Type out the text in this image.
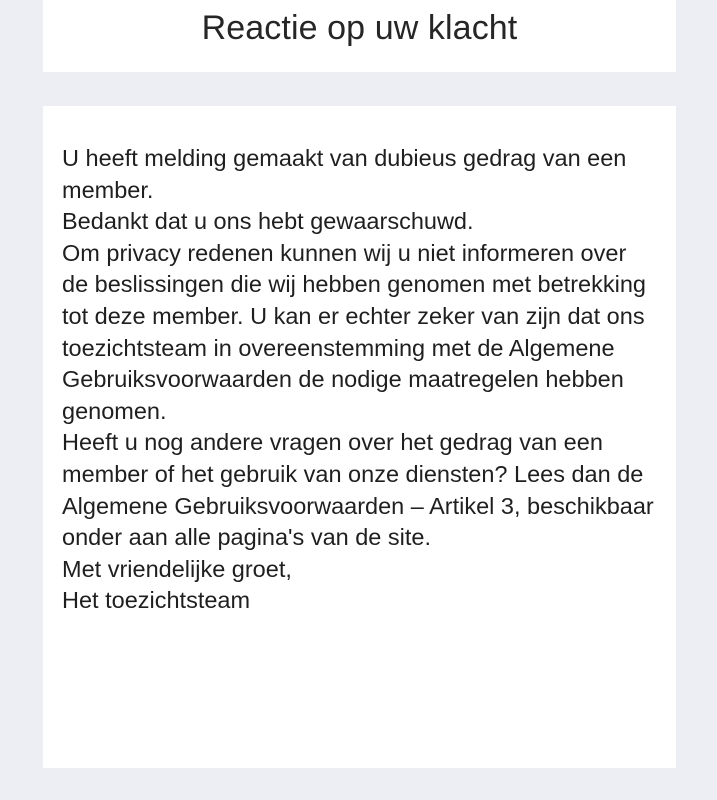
Reactie op uw klacht

U heeft melding gemaakt van dubieus gedrag van een member.

Bedankt dat u ons hebt gewaarschuwd.

Om privacy redenen kunnen wij u niet informeren over de beslissingen die wij hebben genomen met betrekking tot deze member. U kan er echter zeker van zijn dat ons toezichtsteam in overeenstemming met de Algemene Gebruiksvoorwaarden de nodige maatregelen hebben genomen.

Heeft u nog andere vragen over het gedrag van een member of het gebruik van onze diensten? Lees dan de Algemene Gebruiksvoorwaarden – Artikel 3, beschikbaar onder aan alle pagina's van de site.

Met vriendelijke groet,

Het toezichtsteam
